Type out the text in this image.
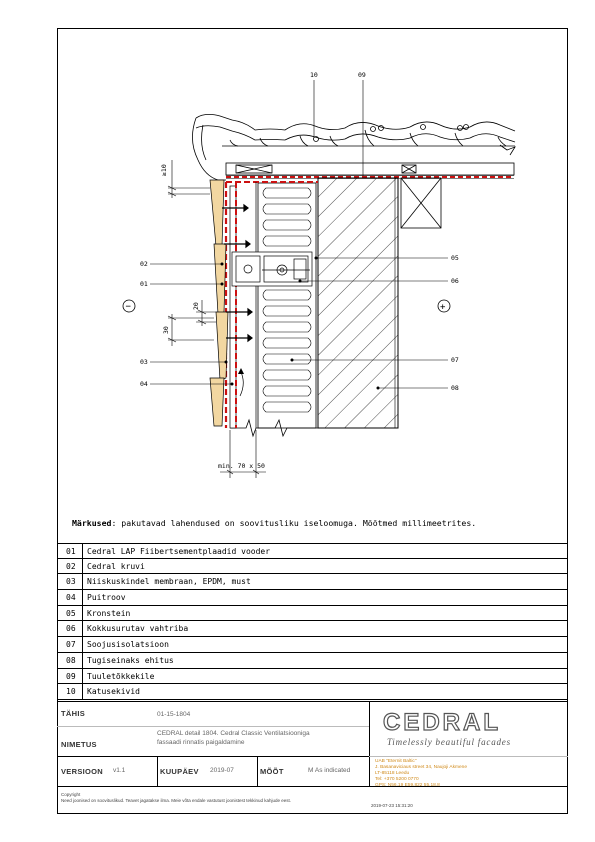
10	09
02
01
03
04
05
06
07
08
≥10
20
30
min. 70 x 50
−	+
Märkused: pakutavad lahendused on soovitusliku iseloomuga. Mõõtmed millimeetrites.
01 Cedral LAP Fiibertsementplaadid vooder
02 Cedral kruvi
03 Niiskuskindel membraan, EPDM, must
04 Puitroov
05 Kronstein
06 Kokkusurutav vahtriba
07 Soojusisolatsioon
08 Tugiseinaks ehitus
09 Tuuletõkkekile
10 Katusekivid
TÄHIS	01-15-1804
NIMETUS
CEDRAL detail 1804. Cedral Classic Ventilatsiooniga
fassaadi rinnatis paigaldamine
VERSIOON v1.1	KUUPÄEV 2019-07	MÕÕT	M As indicated
Copyright
Need joonised on soovituslikud. Teavet jagatakse ilma. Meie võta endale vastutust joonistest tekkinud kahjude eest.
CEDRAL
Timelessly beautiful facades
UAB "Eternit Baltic"
J. Basanaviciaus street 34, Naujoji Akmene
LT-85118 Leedu
Tel: +370 5200 0770
GPS: N56.19 E59.822 55.18.8
2019-07-23 15:31:20
